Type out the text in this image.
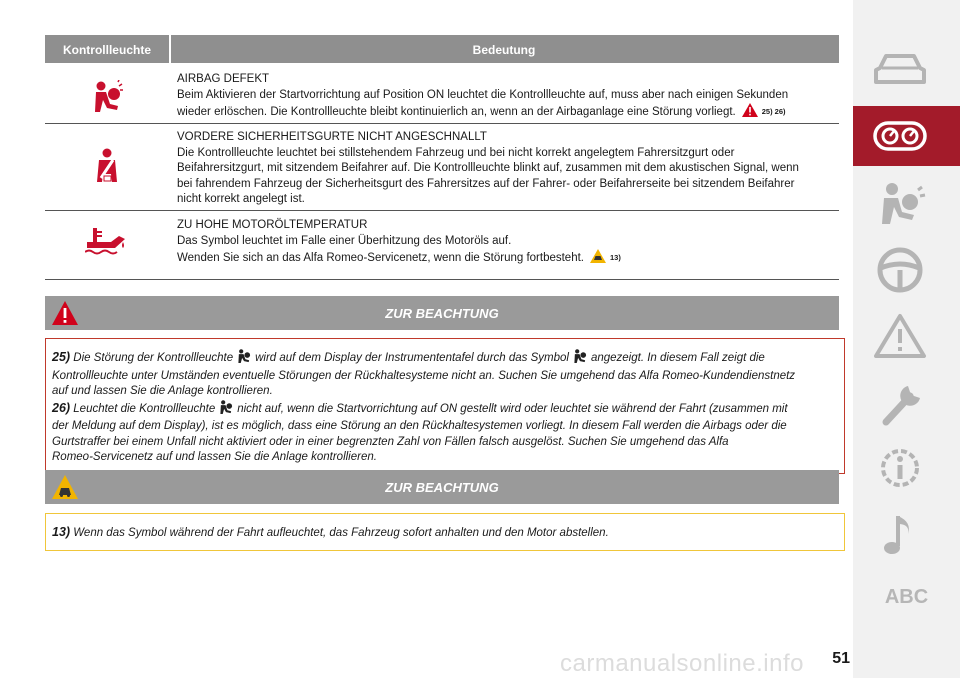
Kontrollleuchte	Bedeutung
AIRBAG DEFEKT
Beim Aktivieren der Startvorrichtung auf Position ON leuchtet die Kontrollleuchte auf, muss aber nach einigen Sekunden
wieder erlöschen. Die Kontrollleuchte bleibt kontinuierlich an, wenn an der Airbaganlage eine Störung vorliegt.	25) 26)
VORDERE SICHERHEITSGURTE NICHT ANGESCHNALLT
Die Kontrollleuchte leuchtet bei stillstehendem Fahrzeug und bei nicht korrekt angelegtem Fahrersitzgurt oder
Beifahrersitzgurt, mit sitzendem Beifahrer auf. Die Kontrollleuchte blinkt auf, zusammen mit dem akustischen Signal, wenn
bei fahrendem Fahrzeug der Sicherheitsgurt des Fahrersitzes auf der Fahrer- oder Beifahrerseite bei sitzendem Beifahrer
nicht korrekt angelegt ist.
ZU HOHE MOTORÖLTEMPERATUR
Das Symbol leuchtet im Falle einer Überhitzung des Motoröls auf.
Wenden Sie sich an das Alfa Romeo-Servicenetz, wenn die Störung fortbesteht.	13)
ZUR BEACHTUNG
25) Die Störung der Kontrollleuchte wird auf dem Display der Instrumententafel durch das Symbol angezeigt. In diesem Fall zeigt die
Kontrollleuchte unter Umständen eventuelle Störungen der Rückhaltesysteme nicht an. Suchen Sie umgehend das Alfa Romeo-Kundendienstnetz
auf und lassen Sie die Anlage kontrollieren.
26) Leuchtet die Kontrollleuchte nicht auf, wenn die Startvorrichtung auf ON gestellt wird oder leuchtet sie während der Fahrt (zusammen mit
der Meldung auf dem Display), ist es möglich, dass eine Störung an den Rückhaltesystemen vorliegt. In diesem Fall werden die Airbags oder die
Gurtstraffer bei einem Unfall nicht aktiviert oder in einer begrenzten Zahl von Fällen falsch ausgelöst. Suchen Sie umgehend das Alfa
Romeo-Servicenetz auf und lassen Sie die Anlage kontrollieren.
ZUR BEACHTUNG
13) Wenn das Symbol während der Fahrt aufleuchtet, das Fahrzeug sofort anhalten und den Motor abstellen.
ABC
carmanualsonline.info	51
